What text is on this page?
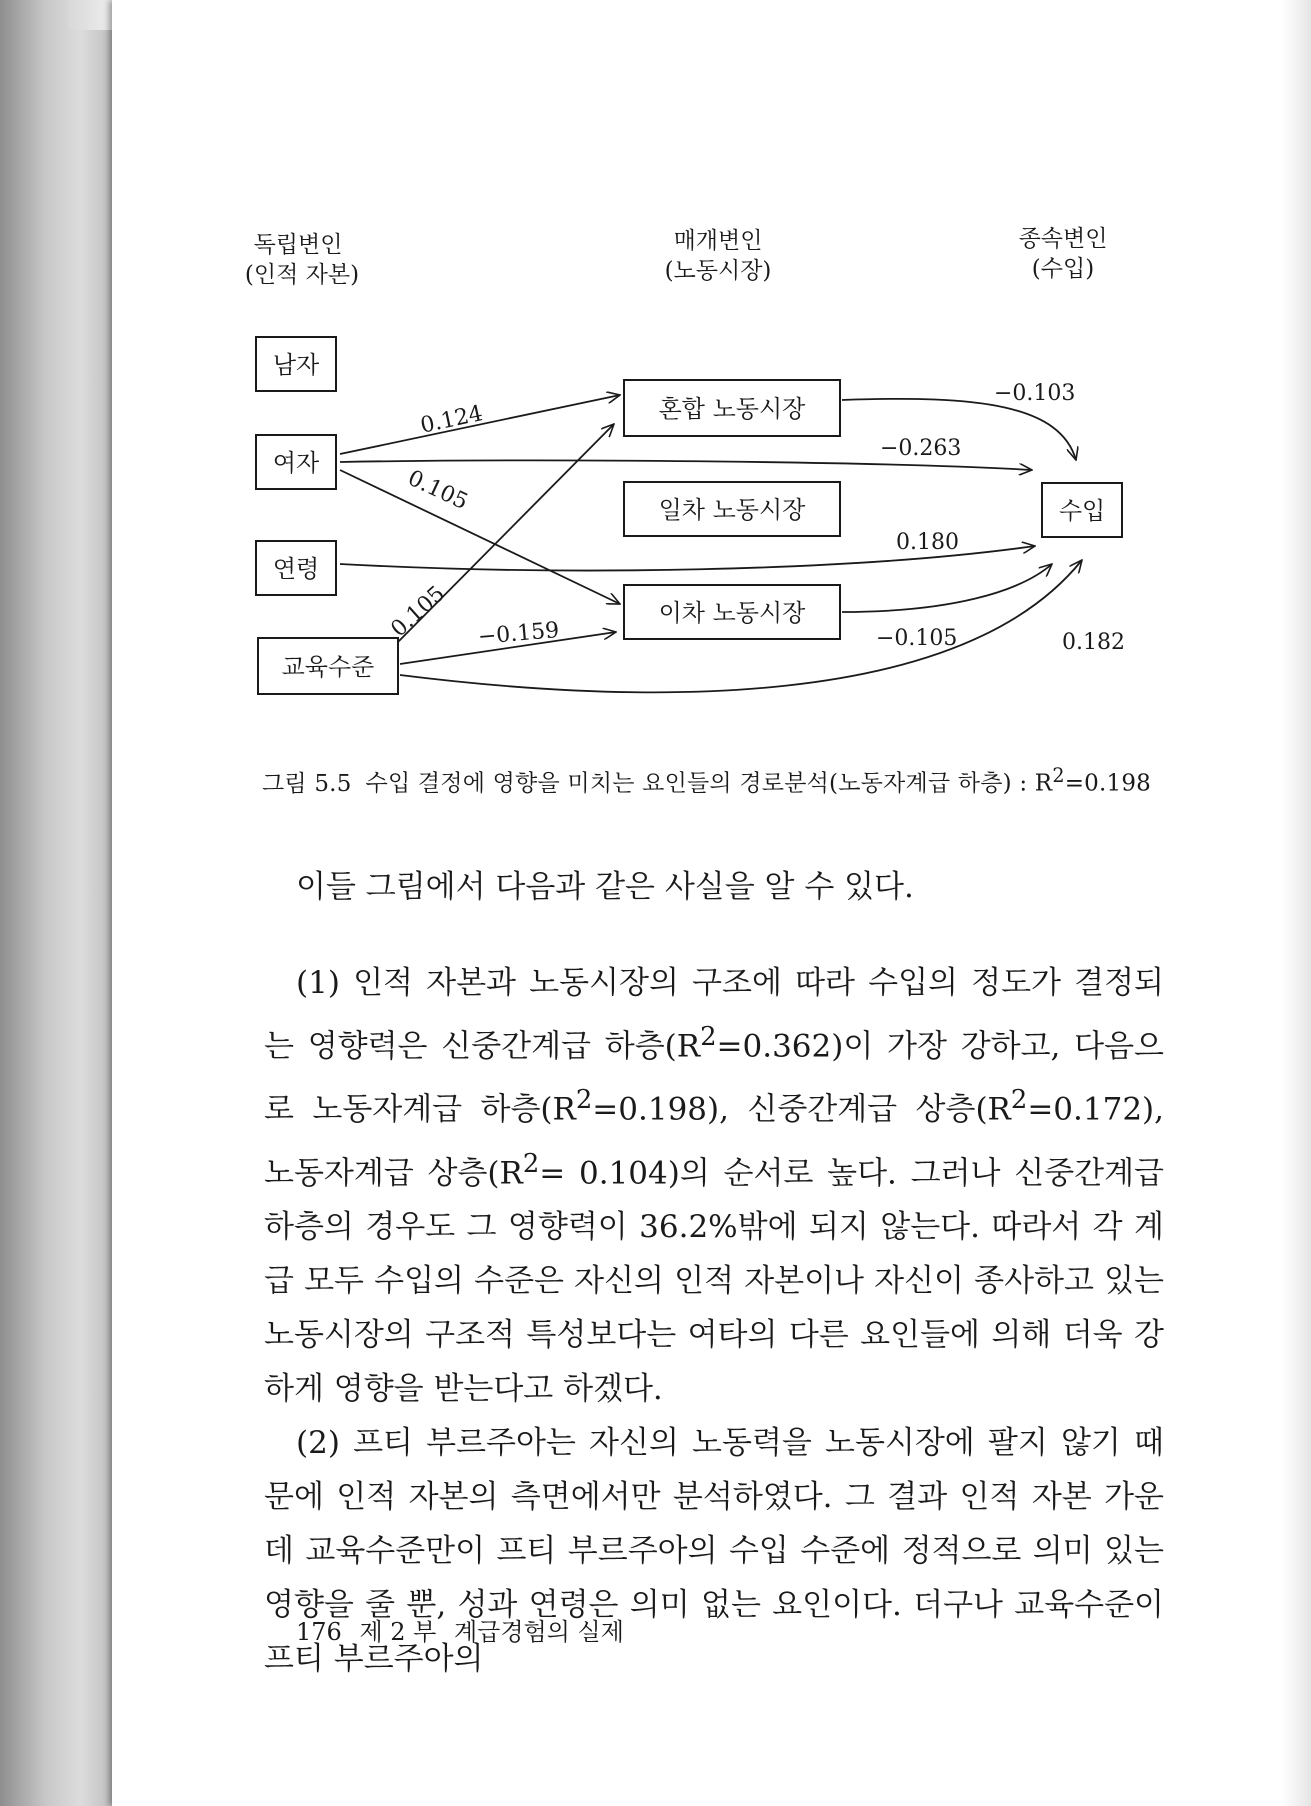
독립변인
(인적 자본)
매개변인
(노동시장)
종속변인
(수입)
남자
여자
연령
교육수준
혼합 노동시장
일차 노동시장
이차 노동시장
수입
0.124
0.105
0.105 −0.159
−0.103
−0.263
0.180
−0.105	0.182
그림 5.5 수입 결정에 영향을 미치는 요인들의 경로분석(노동자계급 하층) : $R^2=0.198$

이들 그림에서 다음과 같은 사실을 알 수 있다.

(1) 인적 자본과 노동시장의 구조에 따라 수입의 정도가 결정되는 영향력은 신중간계급 하층$(R^2=0.362)$이 가장 강하고, 다음으로 노동자계급 하층$(R^2=0.198)$, 신중간계급 상층$(R^2=0.172)$, 노동자계급 상층$(R^2= 0.104)$의 순서로 높다. 그러나 신중간계급 하층의 경우도 그 영향력이 36.2%밖에 되지 않는다. 따라서 각 계급 모두 수입의 수준은 자신의 인적 자본이나 자신이 종사하고 있는 노동시장의 구조적 특성보다는 여타의 다른 요인들에 의해 더욱 강하게 영향을 받는다고 하겠다.

(2) 프티 부르주아는 자신의 노동력을 노동시장에 팔지 않기 때문에 인적 자본의 측면에서만 분석하였다. 그 결과 인적 자본 가운데 교육수준만이 프티 부르주아의 수입 수준에 정적으로 의미 있는 영향을 줄 뿐, 성과 연령은 의미 없는 요인이다. 더구나 교육수준이 프티 부르주아의

176 제 2 부 계급경험의 실제
